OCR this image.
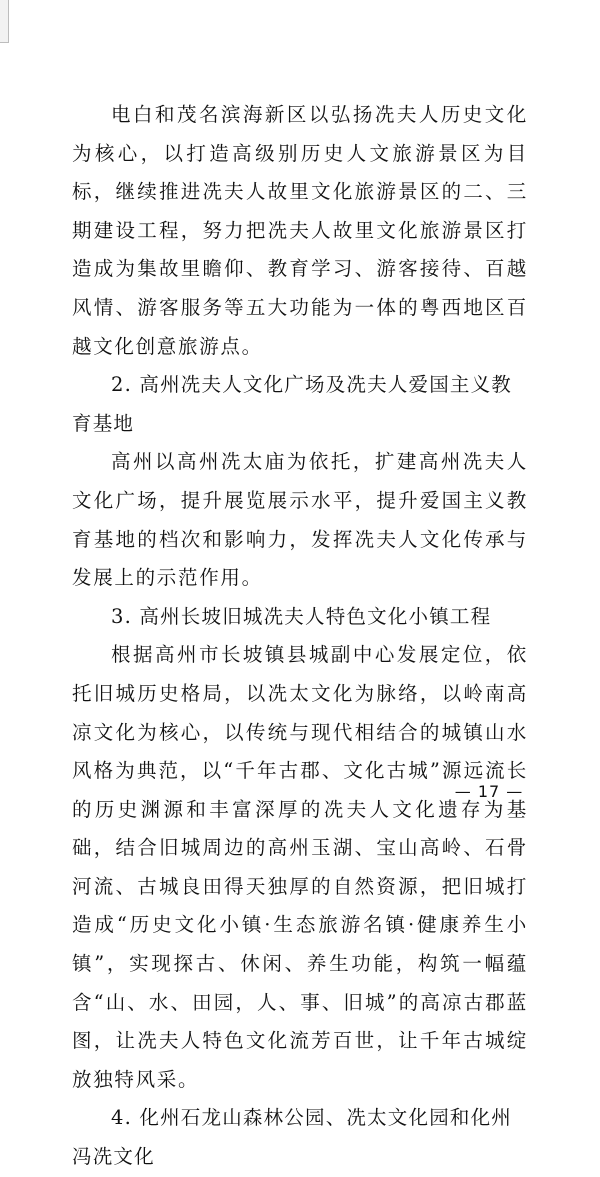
电白和茂名滨海新区以弘扬冼夫人历史文化为核心，以打造高级别历史人文旅游景区为目标，继续推进冼夫人故里文化旅游景区的二、三期建设工程，努力把冼夫人故里文化旅游景区打造成为集故里瞻仰、教育学习、游客接待、百越风情、游客服务等五大功能为一体的粤西地区百越文化创意旅游点。

2. 高州冼夫人文化广场及冼夫人爱国主义教育基地

高州以高州冼太庙为依托，扩建高州冼夫人文化广场，提升展览展示水平，提升爱国主义教育基地的档次和影响力，发挥冼夫人文化传承与发展上的示范作用。

3. 高州长坡旧城冼夫人特色文化小镇工程

根据高州市长坡镇县城副中心发展定位，依托旧城历史格局，以冼太文化为脉络，以岭南高凉文化为核心，以传统与现代相结合的城镇山水风格为典范，以“千年古郡、文化古城”源远流长的历史渊源和丰富深厚的冼夫人文化遗存为基础，结合旧城周边的高州玉湖、宝山高岭、石骨河流、古城良田得天独厚的自然资源，把旧城打造成“历史文化小镇·生态旅游名镇·健康养生小镇”，实现探古、休闲、养生功能，构筑一幅蕴含“山、水、田园，人、事、旧城”的高凉古郡蓝图，让冼夫人特色文化流芳百世，让千年古城绽放独特风采。

4. 化州石龙山森林公园、冼太文化园和化州冯冼文化

— 17 —
